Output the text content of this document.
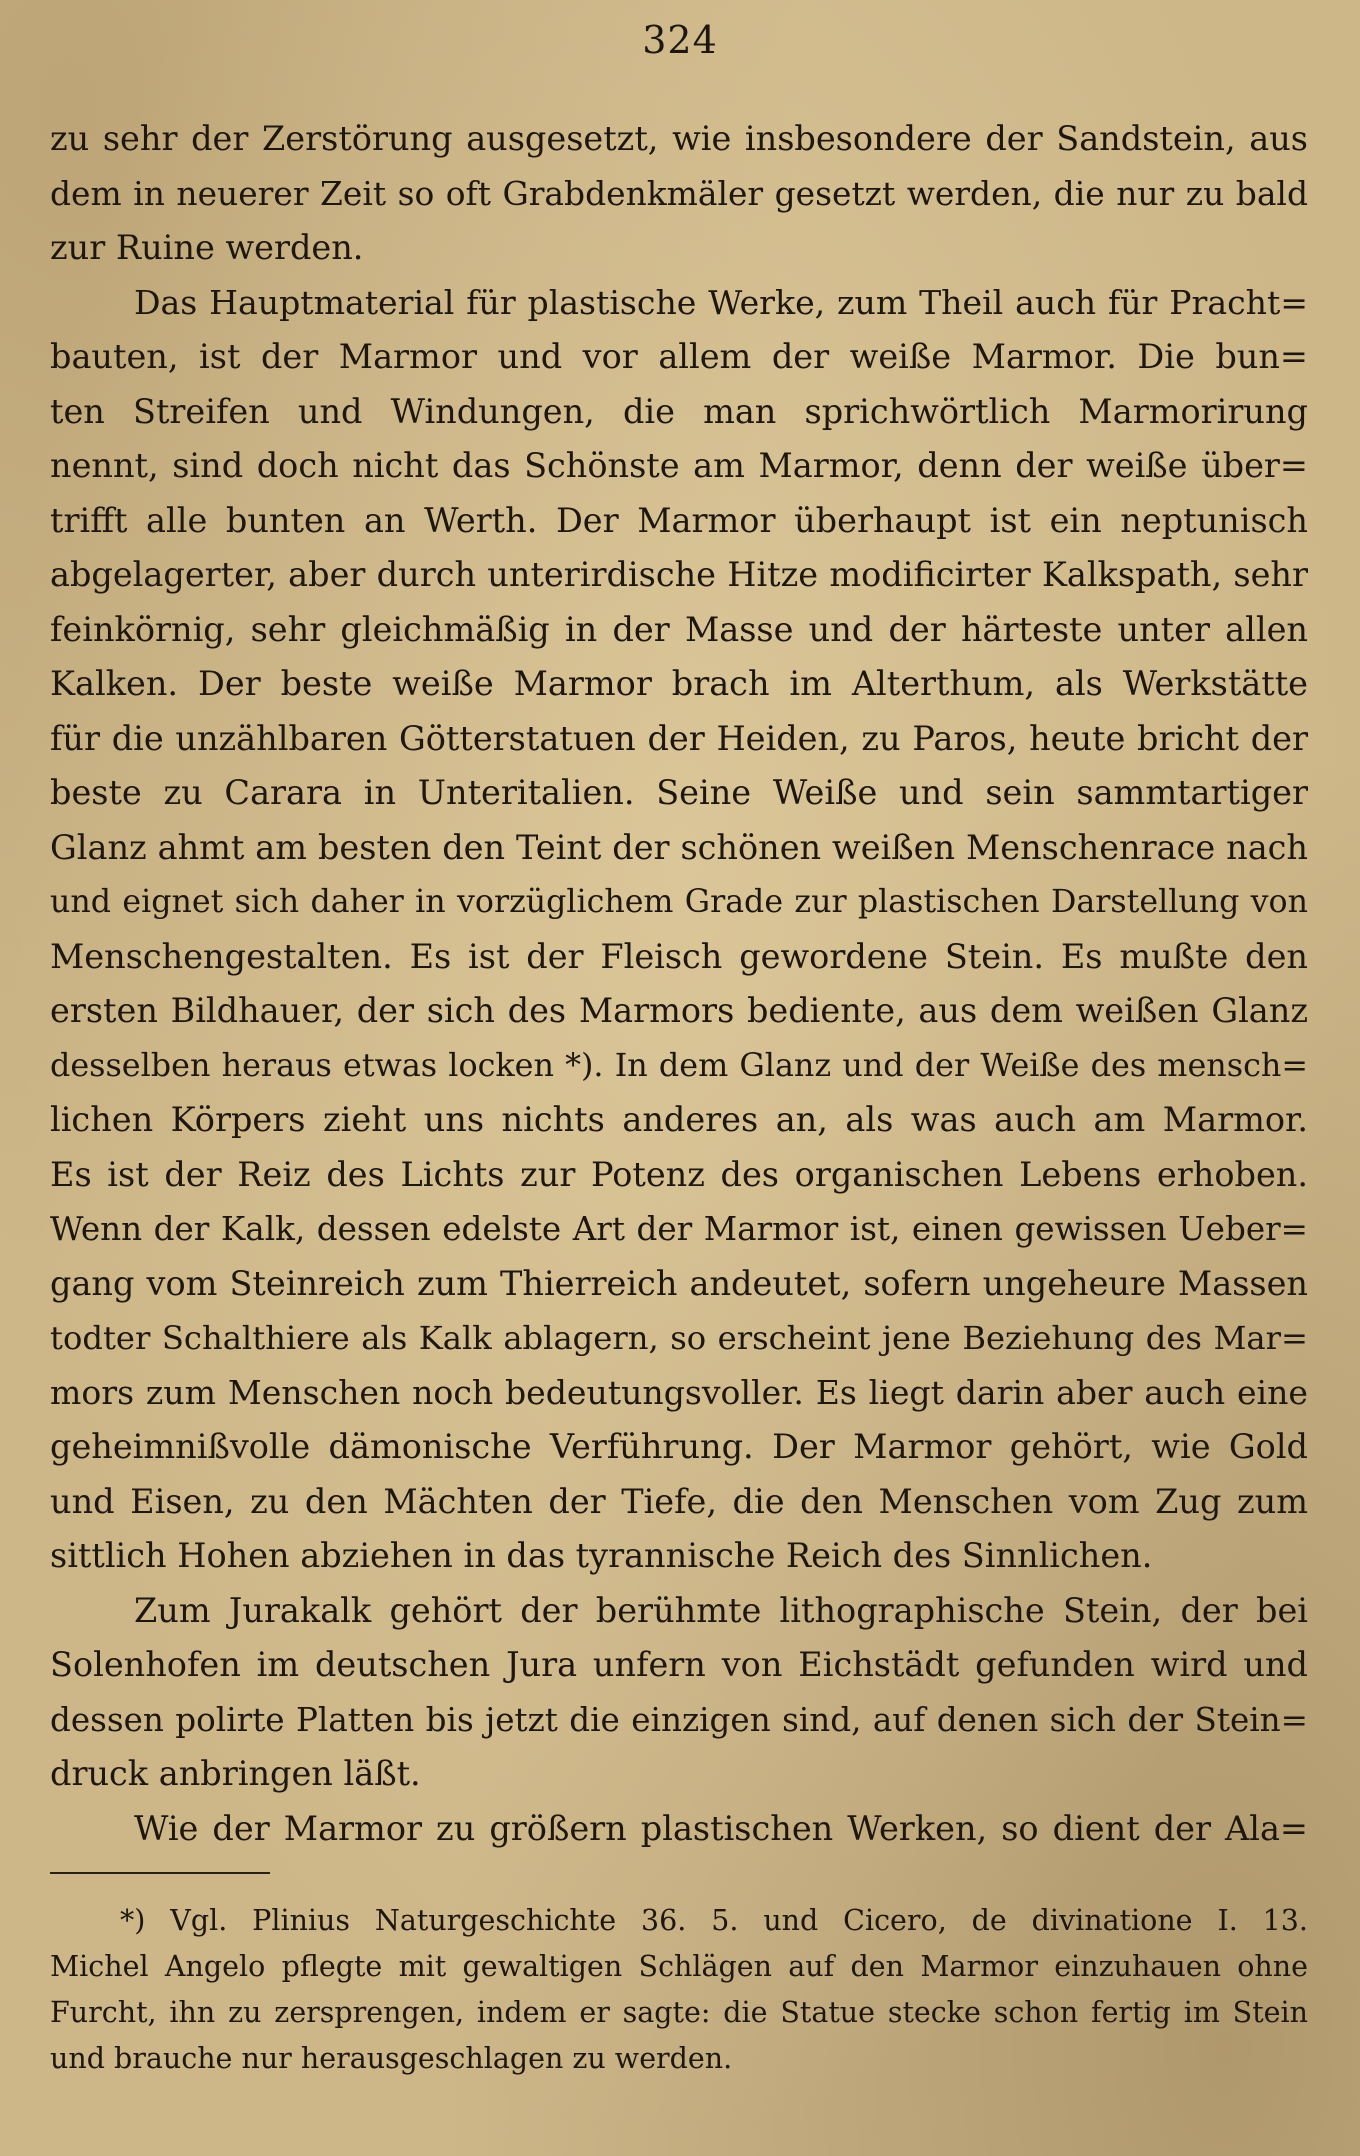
324
zu sehr der Zerstörung ausgesetzt, wie insbesondere der Sandstein, aus
dem in neuerer Zeit so oft Grabdenkmäler gesetzt werden, die nur zu bald
zur Ruine werden.
Das Hauptmaterial für plastische Werke, zum Theil auch für Pracht=
bauten, ist der Marmor und vor allem der weiße Marmor. Die bun=
ten Streifen und Windungen, die man sprichwörtlich Marmorirung
nennt, sind doch nicht das Schönste am Marmor, denn der weiße über=
trifft alle bunten an Werth. Der Marmor überhaupt ist ein neptunisch
abgelagerter, aber durch unterirdische Hitze modificirter Kalkspath, sehr
feinkörnig, sehr gleichmäßig in der Masse und der härteste unter allen
Kalken. Der beste weiße Marmor brach im Alterthum, als Werkstätte
für die unzählbaren Götterstatuen der Heiden, zu Paros, heute bricht der
beste zu Carara in Unteritalien. Seine Weiße und sein sammtartiger
Glanz ahmt am besten den Teint der schönen weißen Menschenrace nach
und eignet sich daher in vorzüglichem Grade zur plastischen Darstellung von
Menschengestalten. Es ist der Fleisch gewordene Stein. Es mußte den
ersten Bildhauer, der sich des Marmors bediente, aus dem weißen Glanz
desselben heraus etwas locken *). In dem Glanz und der Weiße des mensch=
lichen Körpers zieht uns nichts anderes an, als was auch am Marmor.
Es ist der Reiz des Lichts zur Potenz des organischen Lebens erhoben.
Wenn der Kalk, dessen edelste Art der Marmor ist, einen gewissen Ueber=
gang vom Steinreich zum Thierreich andeutet, sofern ungeheure Massen
todter Schalthiere als Kalk ablagern, so erscheint jene Beziehung des Mar=
mors zum Menschen noch bedeutungsvoller. Es liegt darin aber auch eine
geheimnißvolle dämonische Verführung. Der Marmor gehört, wie Gold
und Eisen, zu den Mächten der Tiefe, die den Menschen vom Zug zum
sittlich Hohen abziehen in das tyrannische Reich des Sinnlichen.
Zum Jurakalk gehört der berühmte lithographische Stein, der bei
Solenhofen im deutschen Jura unfern von Eichstädt gefunden wird und
dessen polirte Platten bis jetzt die einzigen sind, auf denen sich der Stein=
druck anbringen läßt.
Wie der Marmor zu größern plastischen Werken, so dient der Ala=
*) Vgl. Plinius Naturgeschichte 36. 5. und Cicero, de divinatione I. 13.
Michel Angelo pflegte mit gewaltigen Schlägen auf den Marmor einzuhauen ohne
Furcht, ihn zu zersprengen, indem er sagte: die Statue stecke schon fertig im Stein
und brauche nur herausgeschlagen zu werden.
